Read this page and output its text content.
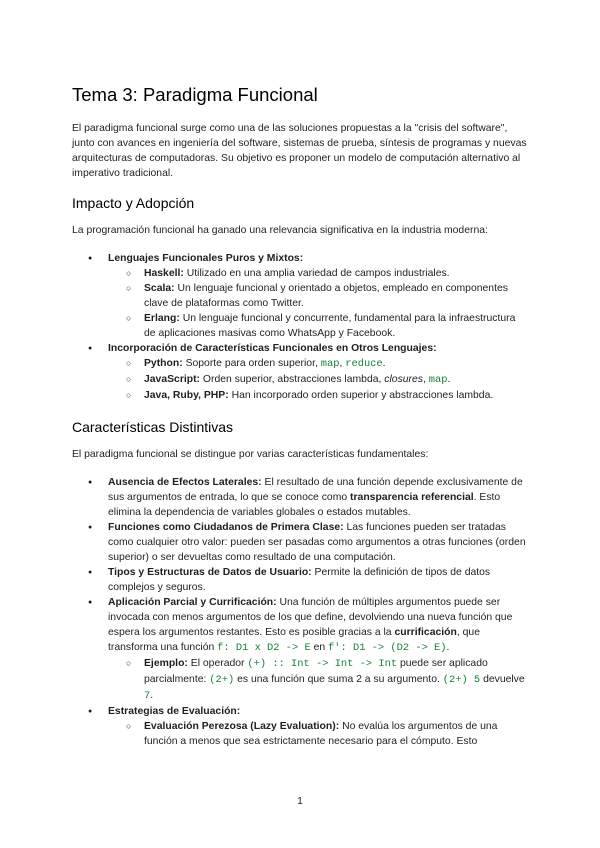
Tema 3: Paradigma Funcional

El paradigma funcional surge como una de las soluciones propuestas a la "crisis del software", junto con avances en ingeniería del software, sistemas de prueba, síntesis de programas y nuevas arquitecturas de computadoras. Su objetivo es proponer un modelo de computación alternativo al imperativo tradicional.

Impacto y Adopción

La programación funcional ha ganado una relevancia significativa en la industria moderna:

● Lenguajes Funcionales Puros y Mixtos:
○ Haskell: Utilizado en una amplia variedad de campos industriales.
○ Scala: Un lenguaje funcional y orientado a objetos, empleado en componentes clave de plataformas como Twitter.
○ Erlang: Un lenguaje funcional y concurrente, fundamental para la infraestructura de aplicaciones masivas como WhatsApp y Facebook.
● Incorporación de Características Funcionales en Otros Lenguajes:
○ Python: Soporte para orden superior, map, reduce.
○ JavaScript: Orden superior, abstracciones lambda, closures, map.
○ Java, Ruby, PHP: Han incorporado orden superior y abstracciones lambda.
Características Distintivas

El paradigma funcional se distingue por varias características fundamentales:

● Ausencia de Efectos Laterales: El resultado de una función depende exclusivamente de sus argumentos de entrada, lo que se conoce como transparencia referencial. Esto elimina la dependencia de variables globales o estados mutables.
● Funciones como Ciudadanos de Primera Clase: Las funciones pueden ser tratadas como cualquier otro valor: pueden ser pasadas como argumentos a otras funciones (orden superior) o ser devueltas como resultado de una computación.
● Tipos y Estructuras de Datos de Usuario: Permite la definición de tipos de datos complejos y seguros.
● Aplicación Parcial y Currificación: Una función de múltiples argumentos puede ser invocada con menos argumentos de los que define, devolviendo una nueva función que espera los argumentos restantes. Esto es posible gracias a la currificación, que transforma una función f: D1 x D2 -> E en f': D1 -> (D2 -> E).
○ Ejemplo: El operador (+) :: Int -> Int -> Int puede ser aplicado parcialmente: (2+) es una función que suma 2 a su argumento. (2+) 5 devuelve 7.
● Estrategias de Evaluación:
○ Evaluación Perezosa (Lazy Evaluation): No evalúa los argumentos de una función a menos que sea estrictamente necesario para el cómputo. Esto
1
